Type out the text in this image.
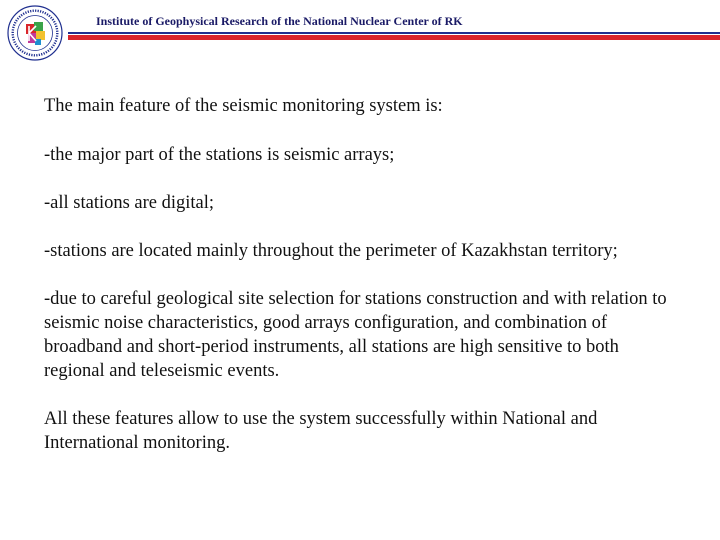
Institute of Geophysical Research of the National Nuclear Center of RK

The main feature of the seismic monitoring system is:

-the major part of the stations is seismic arrays;

-all stations are digital;

-stations are located mainly throughout the perimeter of Kazakhstan territory;

-due to careful geological site selection for stations construction and with relation to seismic noise characteristics, good arrays configuration, and combination of broadband and short-period instruments, all stations are high sensitive to both regional and teleseismic events.

All these features allow to use the system successfully within National and International monitoring.
